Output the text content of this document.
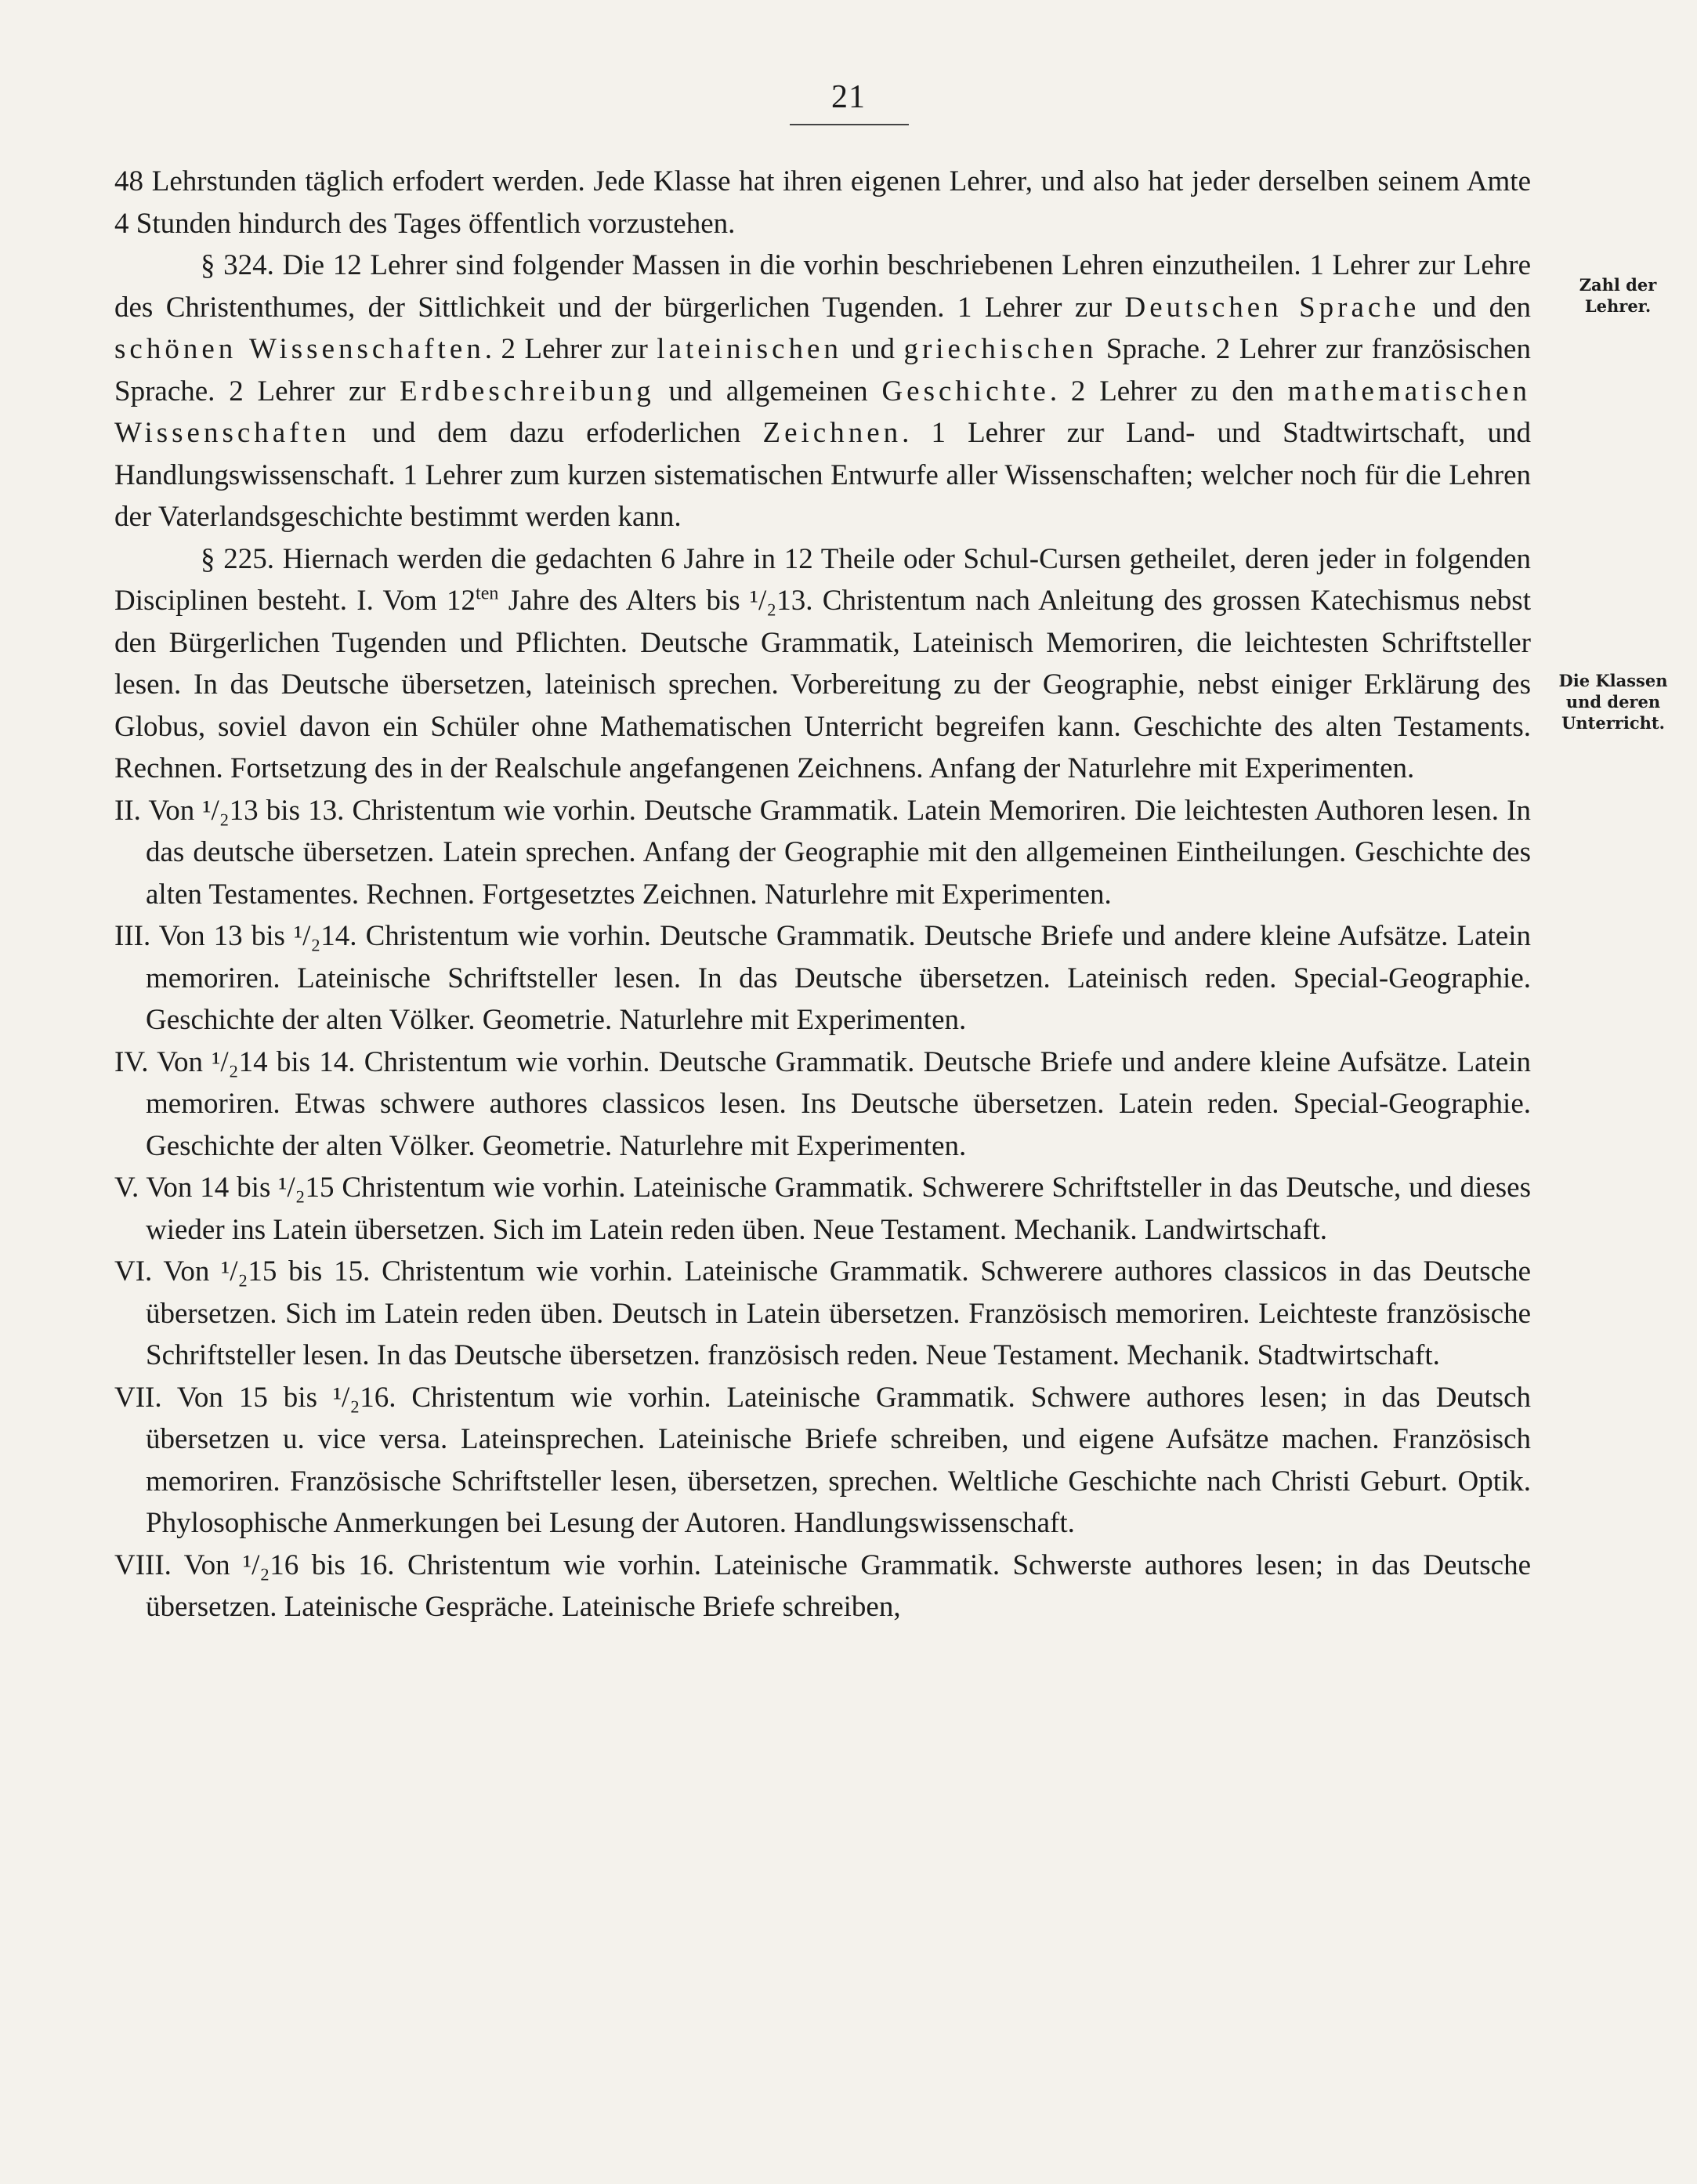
21
Zahl der
Lehrer.
Die Klassen
und deren
Unterricht.

48 Lehrstunden täglich erfodert werden. Jede Klasse hat ihren eigenen Lehrer, und also hat jeder derselben seinem Amte 4 Stunden hindurch des Tages öffentlich vorzustehen.

§ 324. Die 12 Lehrer sind folgender Massen in die vorhin beschriebenen Lehren einzutheilen. 1 Lehrer zur Lehre des Christenthumes, der Sittlichkeit und der bürgerlichen Tugenden. 1 Lehrer zur Deutschen Sprache und den schönen Wissenschaften. 2 Lehrer zur lateinischen und griechischen Sprache. 2 Lehrer zur französischen Sprache. 2 Lehrer zur Erdbeschreibung und allgemeinen Geschichte. 2 Lehrer zu den mathematischen Wissenschaften und dem dazu erfoderlichen Zeichnen. 1 Lehrer zur Land- und Stadtwirtschaft, und Handlungswissenschaft. 1 Lehrer zum kurzen sistematischen Entwurfe aller Wissenschaften; welcher noch für die Lehren der Vaterlandsgeschichte bestimmt werden kann.

§ 225. Hiernach werden die gedachten 6 Jahre in 12 Theile oder Schul-Cursen getheilet, deren jeder in folgenden Disciplinen besteht. I. Vom $12^{ten}$ Jahre des Alters bis ¹/₂13. Christentum nach Anleitung des grossen Katechismus nebst den Bürgerlichen Tugenden und Pflichten. Deutsche Grammatik, Lateinisch Memoriren, die leichtesten Schriftsteller lesen. In das Deutsche übersetzen, lateinisch sprechen. Vorbereitung zu der Geographie, nebst einiger Erklärung des Globus, soviel davon ein Schüler ohne Mathematischen Unterricht begreifen kann. Geschichte des alten Testaments. Rechnen. Fortsetzung des in der Realschule angefangenen Zeichnens. Anfang der Naturlehre mit Experimenten.

II. Von ¹/₂13 bis 13. Christentum wie vorhin. Deutsche Grammatik. Latein Memoriren. Die leichtesten Authoren lesen. In das deutsche übersetzen. Latein sprechen. Anfang der Geographie mit den allgemeinen Eintheilungen. Geschichte des alten Testamentes. Rechnen. Fortgesetztes Zeichnen. Naturlehre mit Experimenten.

III. Von 13 bis ¹/₂14. Christentum wie vorhin. Deutsche Grammatik. Deutsche Briefe und andere kleine Aufsätze. Latein memoriren. Lateinische Schriftsteller lesen. In das Deutsche übersetzen. Lateinisch reden. Special-Geographie. Geschichte der alten Völker. Geometrie. Naturlehre mit Experimenten.

IV. Von ¹/₂14 bis 14. Christentum wie vorhin. Deutsche Grammatik. Deutsche Briefe und andere kleine Aufsätze. Latein memoriren. Etwas schwere authores classicos lesen. Ins Deutsche übersetzen. Latein reden. Special-Geographie. Geschichte der alten Völker. Geometrie. Naturlehre mit Experimenten.

V. Von 14 bis ¹/₂15 Christentum wie vorhin. Lateinische Grammatik. Schwerere Schriftsteller in das Deutsche, und dieses wieder ins Latein übersetzen. Sich im Latein reden üben. Neue Testament. Mechanik. Landwirtschaft.

VI. Von ¹/₂15 bis 15. Christentum wie vorhin. Lateinische Grammatik. Schwerere authores classicos in das Deutsche übersetzen. Sich im Latein reden üben. Deutsch in Latein übersetzen. Französisch memoriren. Leichteste französische Schriftsteller lesen. In das Deutsche übersetzen. französisch reden. Neue Testament. Mechanik. Stadtwirtschaft.

VII. Von 15 bis ¹/₂16. Christentum wie vorhin. Lateinische Grammatik. Schwere authores lesen; in das Deutsch übersetzen u. vice versa. Lateinsprechen. Lateinische Briefe schreiben, und eigene Aufsätze machen. Französisch memoriren. Französische Schriftsteller lesen, übersetzen, sprechen. Weltliche Geschichte nach Christi Geburt. Optik. Phylosophische Anmerkungen bei Lesung der Autoren. Handlungswissenschaft.

VIII. Von ¹/₂16 bis 16. Christentum wie vorhin. Lateinische Grammatik. Schwerste authores lesen; in das Deutsche übersetzen. Lateinische Gespräche. Lateinische Briefe schreiben,
